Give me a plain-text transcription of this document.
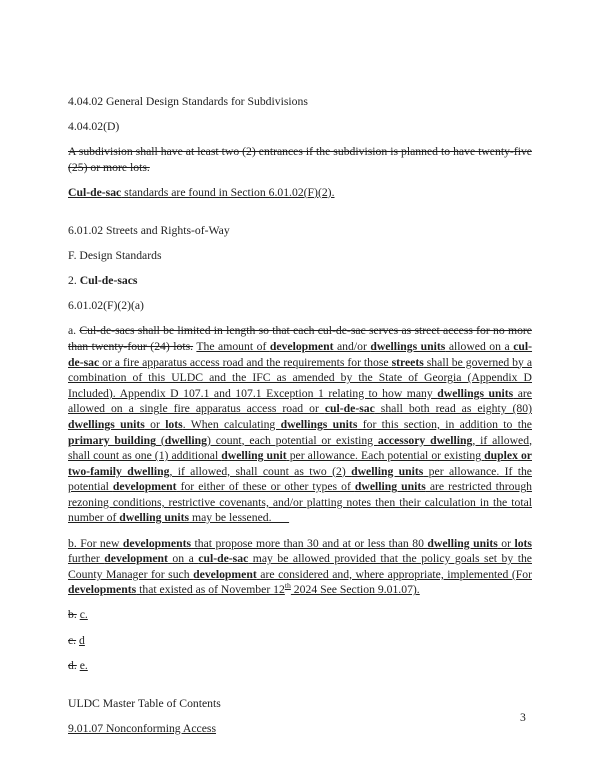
4.04.02 General Design Standards for Subdivisions

4.04.02(D)

A subdivision shall have at least two (2) entrances if the subdivision is planned to have twenty-five (25) or more lots.

Cul-de-sac standards are found in Section 6.01.02(F)(2).

6.01.02 Streets and Rights-of-Way

F. Design Standards

2. Cul-de-sacs

6.01.02(F)(2)(a)

a. Cul-de-sacs shall be limited in length so that each cul-de-sac serves as street access for no more than twenty-four (24) lots. The amount of development and/or dwellings units allowed on a cul-de-sac or a fire apparatus access road and the requirements for those streets shall be governed by a combination of this ULDC and the IFC as amended by the State of Georgia (Appendix D Included). Appendix D 107.1 and 107.1 Exception 1 relating to how many dwellings units are allowed on a single fire apparatus access road or cul-de-sac shall both read as eighty (80) dwellings units or lots. When calculating dwellings units for this section, in addition to the primary building (dwelling) count, each potential or existing accessory dwelling, if allowed, shall count as one (1) additional dwelling unit per allowance. Each potential or existing duplex or two-family dwelling, if allowed, shall count as two (2) dwelling units per allowance. If the potential development for either of these or other types of dwelling units are restricted through rezoning conditions, restrictive covenants, and/or platting notes then their calculation in the total number of dwelling units may be lessened.

b. For new developments that propose more than 30 and at or less than 80 dwelling units or lots further development on a cul-de-sac may be allowed provided that the policy goals set by the County Manager for such development are considered and, where appropriate, implemented (For developments that existed as of November 12th 2024 See Section 9.01.07).

b. c.

c. d

d. e.

ULDC Master Table of Contents

9.01.07 Nonconforming Access

3
